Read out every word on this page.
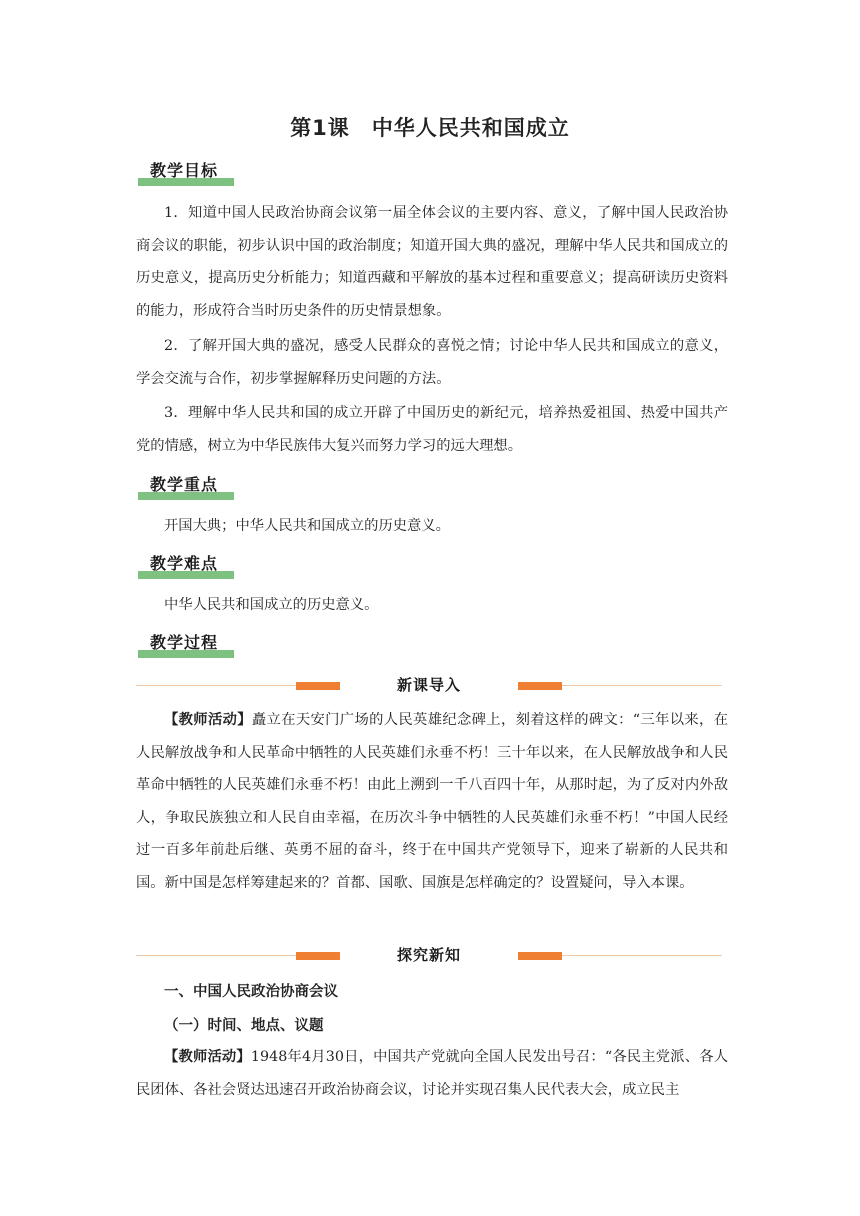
第1课 中华人民共和国成立
教学目标

1．知道中国人民政治协商会议第一届全体会议的主要内容、意义，了解中国人民政治协商会议的职能，初步认识中国的政治制度；知道开国大典的盛况，理解中华人民共和国成立的历史意义，提高历史分析能力；知道西藏和平解放的基本过程和重要意义；提高研读历史资料的能力，形成符合当时历史条件的历史情景想象。

2．了解开国大典的盛况，感受人民群众的喜悦之情；讨论中华人民共和国成立的意义，学会交流与合作，初步掌握解释历史问题的方法。

3．理解中华人民共和国的成立开辟了中国历史的新纪元，培养热爱祖国、热爱中国共产党的情感，树立为中华民族伟大复兴而努力学习的远大理想。

教学重点

开国大典；中华人民共和国成立的历史意义。

教学难点

中华人民共和国成立的历史意义。

教学过程
新课导入

【教师活动】矗立在天安门广场的人民英雄纪念碑上，刻着这样的碑文：“三年以来，在人民解放战争和人民革命中牺牲的人民英雄们永垂不朽！三十年以来，在人民解放战争和人民革命中牺牲的人民英雄们永垂不朽！由此上溯到一千八百四十年，从那时起，为了反对内外敌人，争取民族独立和人民自由幸福，在历次斗争中牺牲的人民英雄们永垂不朽！”中国人民经过一百多年前赴后继、英勇不屈的奋斗，终于在中国共产党领导下，迎来了崭新的人民共和国。新中国是怎样筹建起来的？首都、国歌、国旗是怎样确定的？设置疑问，导入本课。

探究新知
一、中国人民政治协商会议
（一）时间、地点、议题

【教师活动】1948年4月30日，中国共产党就向全国人民发出号召：“各民主党派、各人民团体、各社会贤达迅速召开政治协商会议，讨论并实现召集人民代表大会，成立民主
